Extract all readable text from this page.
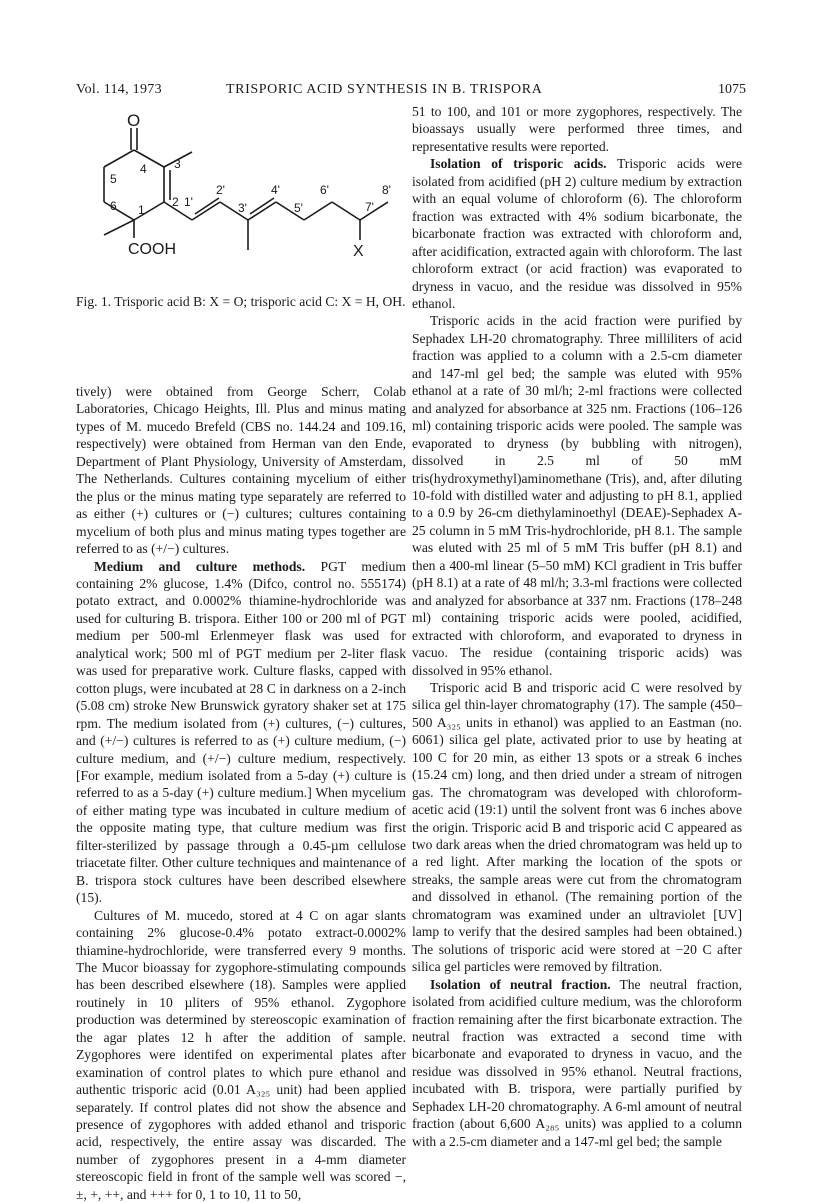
Vol. 114, 1973	TRISPORIC ACID SYNTHESIS IN B. TRISPORA	1075
O
4 3
5
2 1'
2'
3'
4'
5'
6'
7'
8'
6 1
COOH	X
Fig. 1. Trisporic acid B: X = O; trisporic acid C: X = H, OH.

tively) were obtained from George Scherr, Colab Laboratories, Chicago Heights, Ill. Plus and minus mating types of M. mucedo Brefeld (CBS no. 144.24 and 109.16, respectively) were obtained from Herman van den Ende, Department of Plant Physiology, University of Amsterdam, The Netherlands. Cultures containing mycelium of either the plus or the minus mating type separately are referred to as either (+) cultures or (−) cultures; cultures containing mycelium of both plus and minus mating types together are referred to as (+/−) cultures.

Medium and culture methods. PGT medium containing 2% glucose, 1.4% (Difco, control no. 555174) potato extract, and 0.0002% thiamine-hydrochloride was used for culturing B. trispora. Either 100 or 200 ml of PGT medium per 500-ml Erlenmeyer flask was used for analytical work; 500 ml of PGT medium per 2-liter flask was used for preparative work. Culture flasks, capped with cotton plugs, were incubated at 28 C in darkness on a 2-inch (5.08 cm) stroke New Brunswick gyratory shaker set at 175 rpm. The medium isolated from (+) cultures, (−) cultures, and (+/−) cultures is referred to as (+) culture medium, (−) culture medium, and (+/−) culture medium, respectively. [For example, medium isolated from a 5-day (+) culture is referred to as a 5-day (+) culture medium.] When mycelium of either mating type was incubated in culture medium of the opposite mating type, that culture medium was first filter-sterilized by passage through a 0.45-µm cellulose triacetate filter. Other culture techniques and maintenance of B. trispora stock cultures have been described elsewhere (15).

Cultures of M. mucedo, stored at 4 C on agar slants containing 2% glucose-0.4% potato extract-0.0002% thiamine-hydrochloride, were transferred every 9 months. The Mucor bioassay for zygophore-stimulating compounds has been described elsewhere (18). Samples were applied routinely in 10 µliters of 95% ethanol. Zygophore production was determined by stereoscopic examination of the agar plates 12 h after the addition of sample. Zygophores were identifed on experimental plates after examination of control plates to which pure ethanol and authentic trisporic acid (0.01 A₃₂₅ unit) had been applied separately. If control plates did not show the absence and presence of zygophores with added ethanol and trisporic acid, respectively, the entire assay was discarded. The number of zygophores present in a 4-mm diameter stereoscopic field in front of the sample well was scored −, ±, +, ++, and +++ for 0, 1 to 10, 11 to 50,

51 to 100, and 101 or more zygophores, respectively. The bioassays usually were performed three times, and representative results were reported.

Isolation of trisporic acids. Trisporic acids were isolated from acidified (pH 2) culture medium by extraction with an equal volume of chloroform (6). The chloroform fraction was extracted with 4% sodium bicarbonate, the bicarbonate fraction was extracted with chloroform and, after acidification, extracted again with chloroform. The last chloroform extract (or acid fraction) was evaporated to dryness in vacuo, and the residue was dissolved in 95% ethanol.

Trisporic acids in the acid fraction were purified by Sephadex LH-20 chromatography. Three milliliters of acid fraction was applied to a column with a 2.5-cm diameter and 147-ml gel bed; the sample was eluted with 95% ethanol at a rate of 30 ml/h; 2-ml fractions were collected and analyzed for absorbance at 325 nm. Fractions (106–126 ml) containing trisporic acids were pooled. The sample was evaporated to dryness (by bubbling with nitrogen), dissolved in 2.5 ml of 50 mM tris(hydroxymethyl)aminomethane (Tris), and, after diluting 10-fold with distilled water and adjusting to pH 8.1, applied to a 0.9 by 26-cm diethylaminoethyl (DEAE)-Sephadex A-25 column in 5 mM Tris-hydrochloride, pH 8.1. The sample was eluted with 25 ml of 5 mM Tris buffer (pH 8.1) and then a 400-ml linear (5–50 mM) KCl gradient in Tris buffer (pH 8.1) at a rate of 48 ml/h; 3.3-ml fractions were collected and analyzed for absorbance at 337 nm. Fractions (178–248 ml) containing trisporic acids were pooled, acidified, extracted with chloroform, and evaporated to dryness in vacuo. The residue (containing trisporic acids) was dissolved in 95% ethanol.

Trisporic acid B and trisporic acid C were resolved by silica gel thin-layer chromatography (17). The sample (450–500 A₃₂₅ units in ethanol) was applied to an Eastman (no. 6061) silica gel plate, activated prior to use by heating at 100 C for 20 min, as either 13 spots or a streak 6 inches (15.24 cm) long, and then dried under a stream of nitrogen gas. The chromatogram was developed with chloroform-acetic acid (19:1) until the solvent front was 6 inches above the origin. Trisporic acid B and trisporic acid C appeared as two dark areas when the dried chromatogram was held up to a red light. After marking the location of the spots or streaks, the sample areas were cut from the chromatogram and dissolved in ethanol. (The remaining portion of the chromatogram was examined under an ultraviolet [UV] lamp to verify that the desired samples had been obtained.) The solutions of trisporic acid were stored at −20 C after silica gel particles were removed by filtration.

Isolation of neutral fraction. The neutral fraction, isolated from acidified culture medium, was the chloroform fraction remaining after the first bicarbonate extraction. The neutral fraction was extracted a second time with bicarbonate and evaporated to dryness in vacuo, and the residue was dissolved in 95% ethanol. Neutral fractions, incubated with B. trispora, were partially purified by Sephadex LH-20 chromatography. A 6-ml amount of neutral fraction (about 6,600 A₂₈₅ units) was applied to a column with a 2.5-cm diameter and a 147-ml gel bed; the sample
